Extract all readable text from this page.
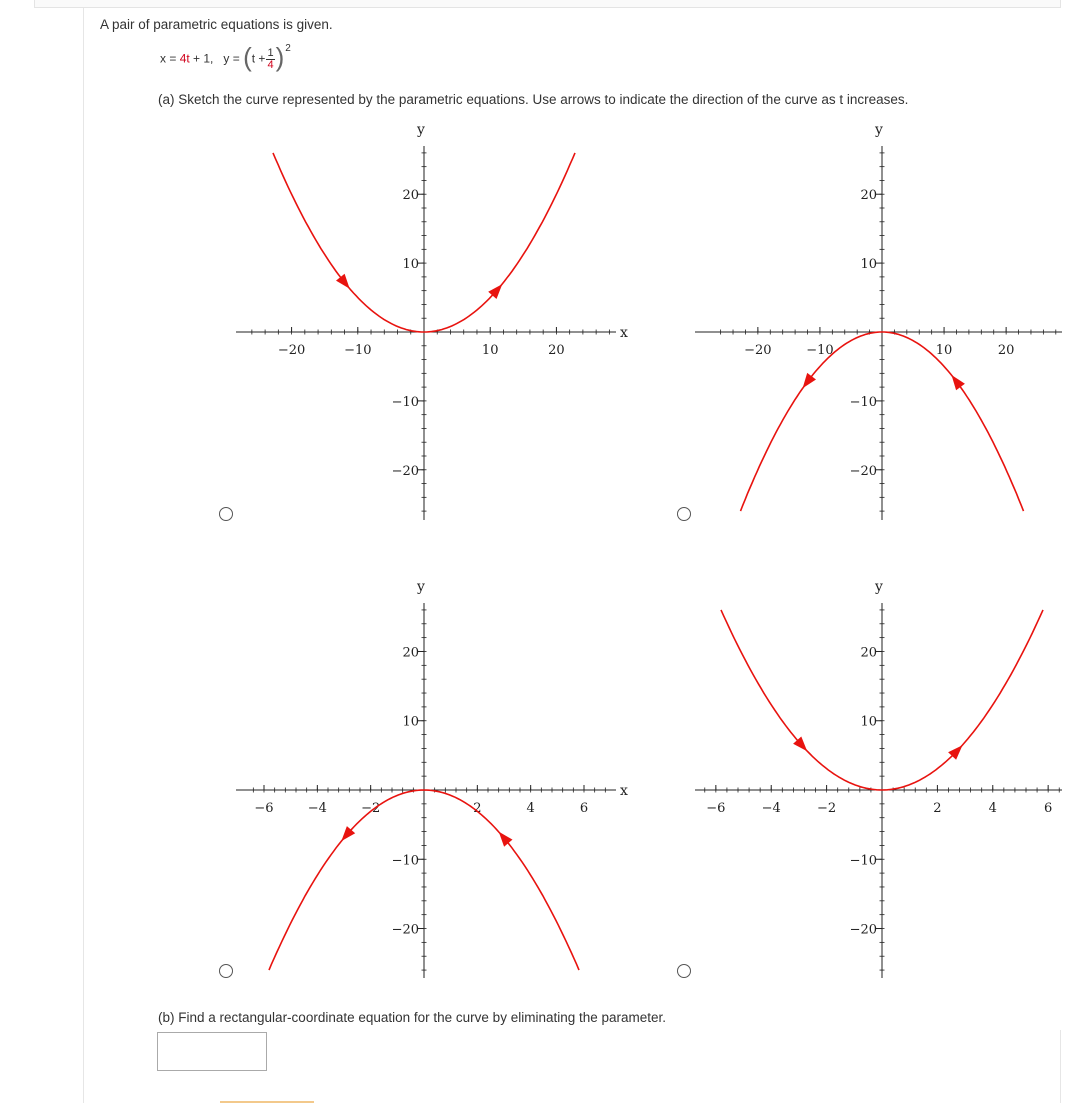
A pair of parametric equations is given.
x = 4t + 1, $y = (t + \frac{1}{4} )^2$
(a) Sketch the curve represented by the parametric equations. Use arrows to indicate the direction of the curve as t increases.
−20	−10	10	20
20
10
−10
−20
y
x
−20	−10	10	20
20
10
−10
−20
y
−6	−4	−2	2	4	6
20
10
−10
−20
y
x
−6	−4	−2	2	4	6
20
10
−10
−20
y
(b) Find a rectangular-coordinate equation for the curve by eliminating the parameter.
